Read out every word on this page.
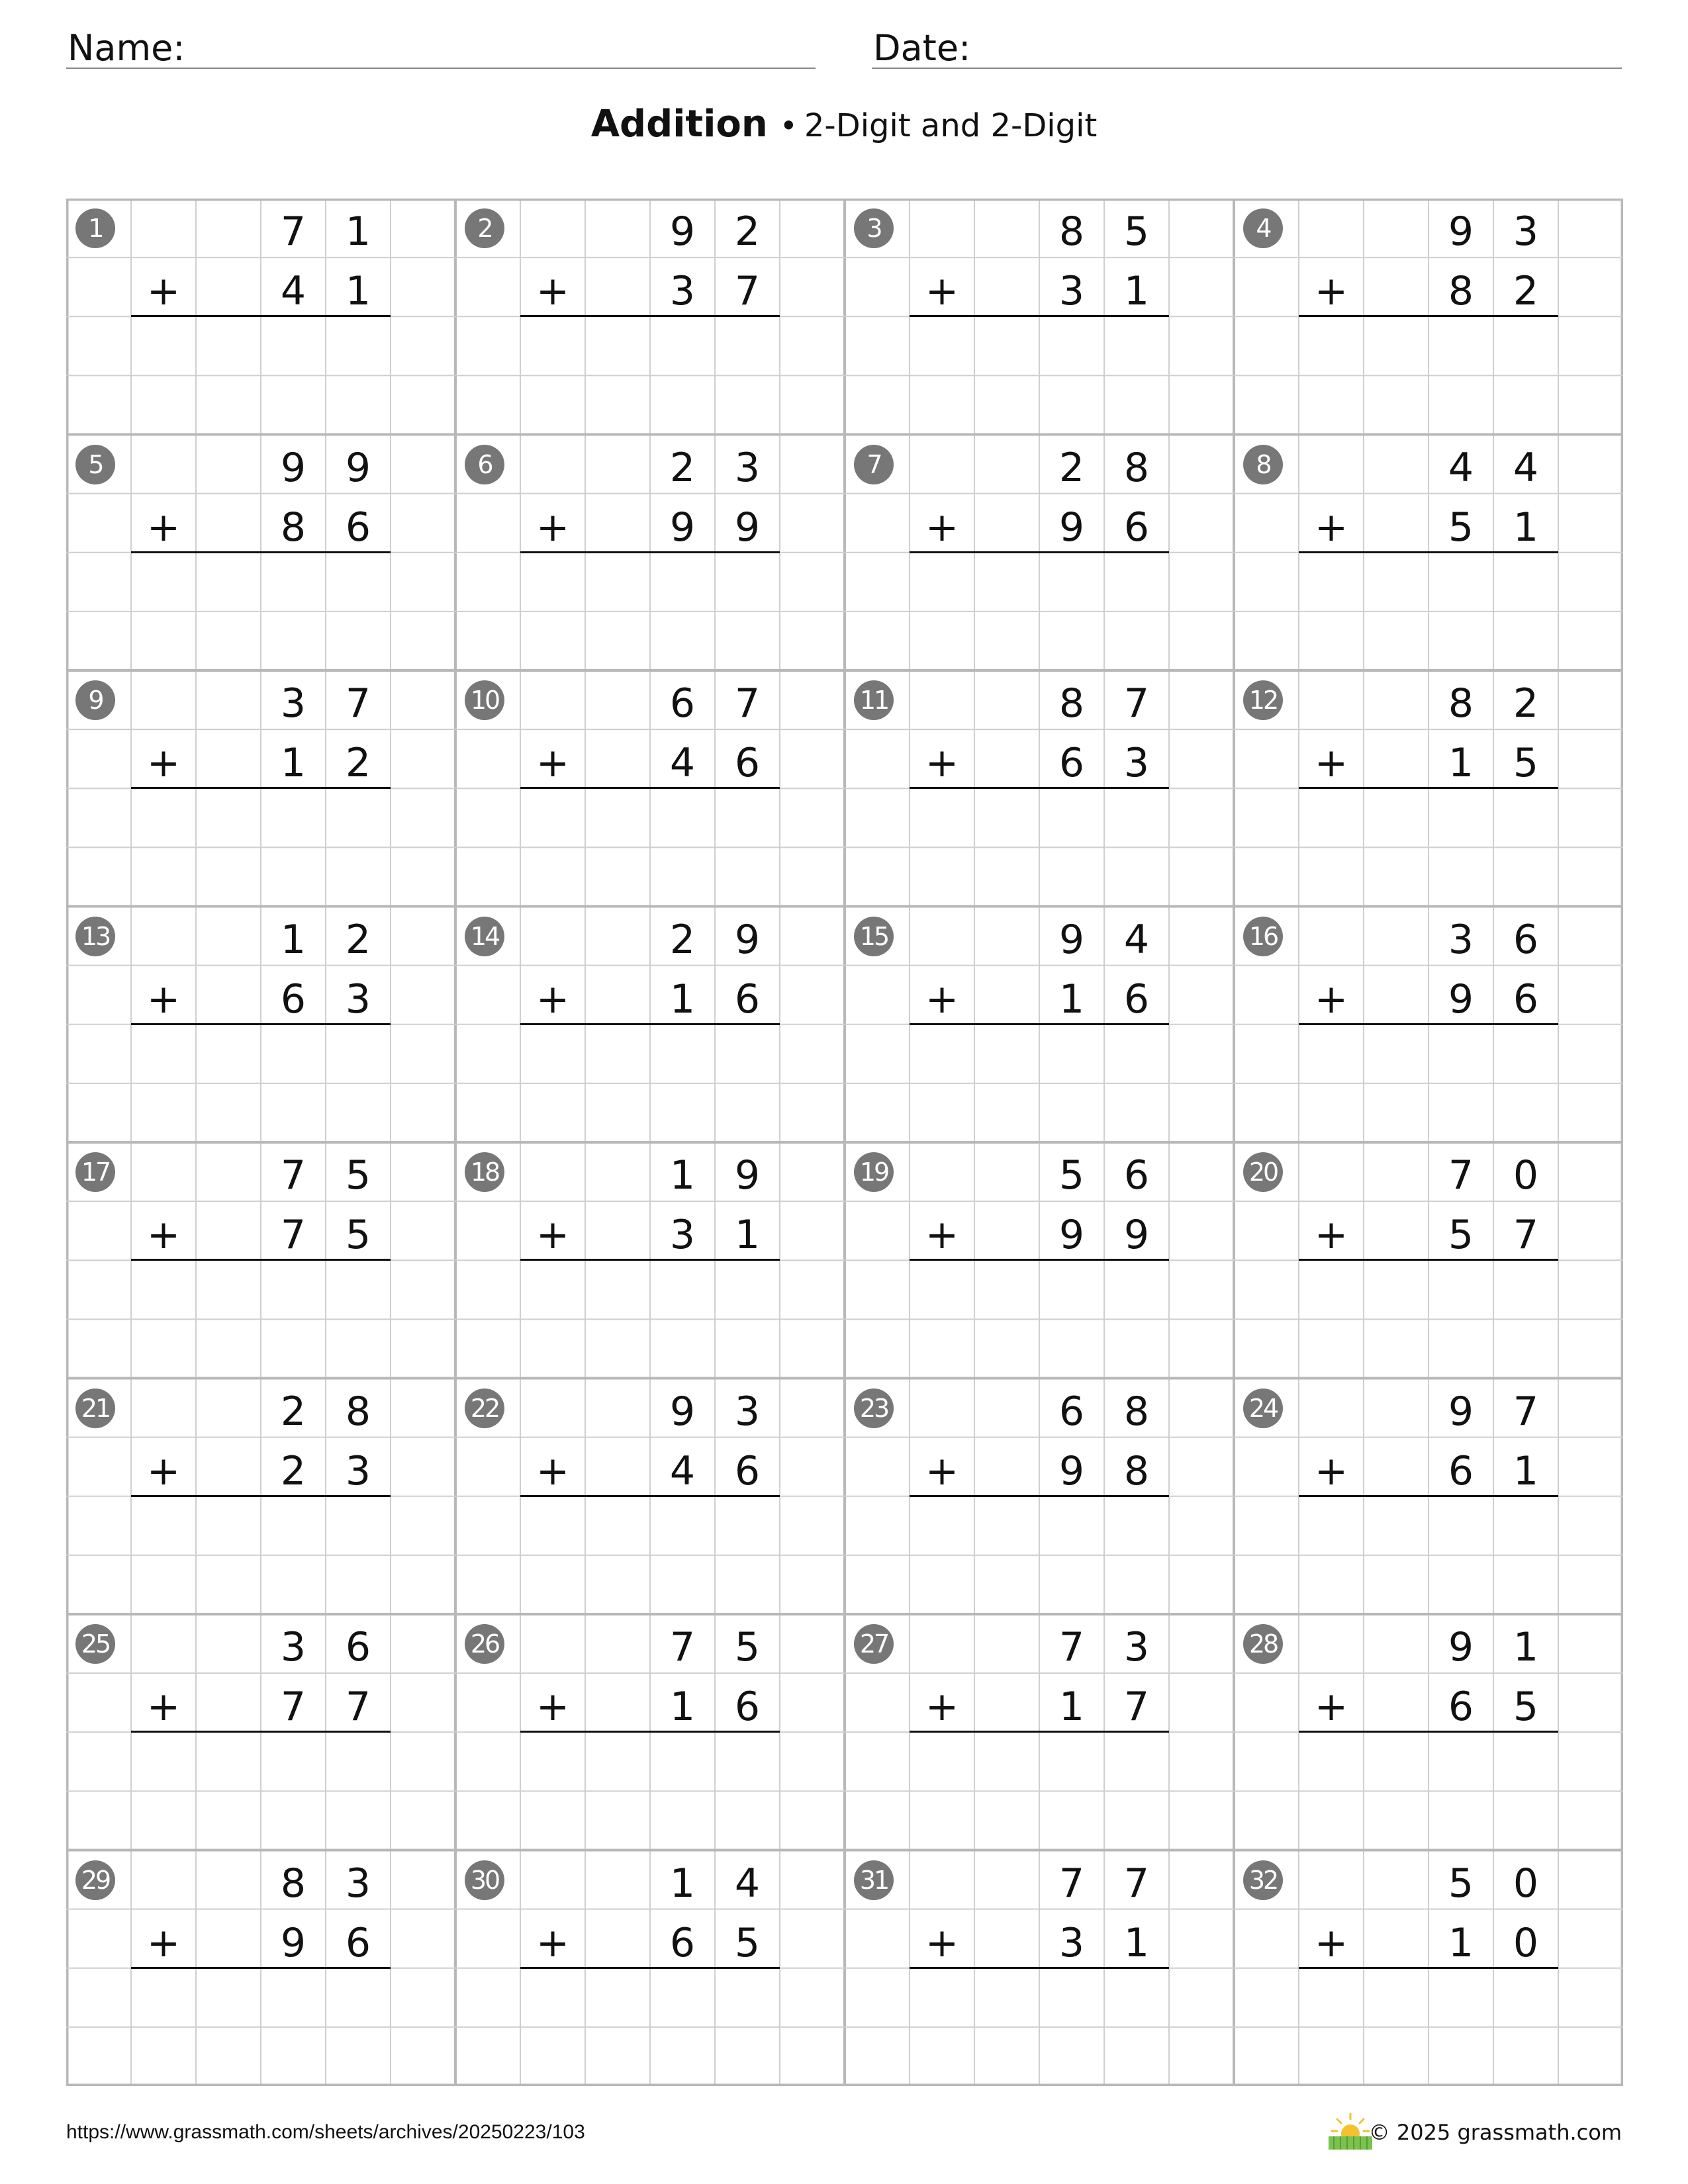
Name:	Date:
Addition • 2-Digit and 2-Digit
1	7 1
4 1
+
2	9 2
3 7
+
3	8 5
3 1
+
4	9 3
8 2
+
5	9 9
8 6
+
6	2 3
9 9
+
7	2 8
9 6
+
8	4 4
5 1
+
9	3 7
1 2
+
10	6 7
4 6
+
11	8 7
6 3
+
12	8 2
1 5
+
13	1 2
6 3
+
14	2 9
1 6
+
15	9 4
1 6
+
16	3 6
9 6
+
17	7 5
7 5
+
18	1 9
3 1
+
19	5 6
9 9
+
20	7 0
5 7
+
21	2 8
2 3
+
22	9 3
4 6
+
23	6 8
9 8
+
24	9 7
6 1
+
25	3 6
7 7
+
26	7 5
1 6
+
27	7 3
1 7
+
28	9 1
6 5
+
29	8 3
9 6
+
30	1 4
6 5
+
31	7 7
3 1
+
32	5 0
1 0
+
https://www.grassmath.com/sheets/archives/20250223/103	© 2025 grassmath.com
